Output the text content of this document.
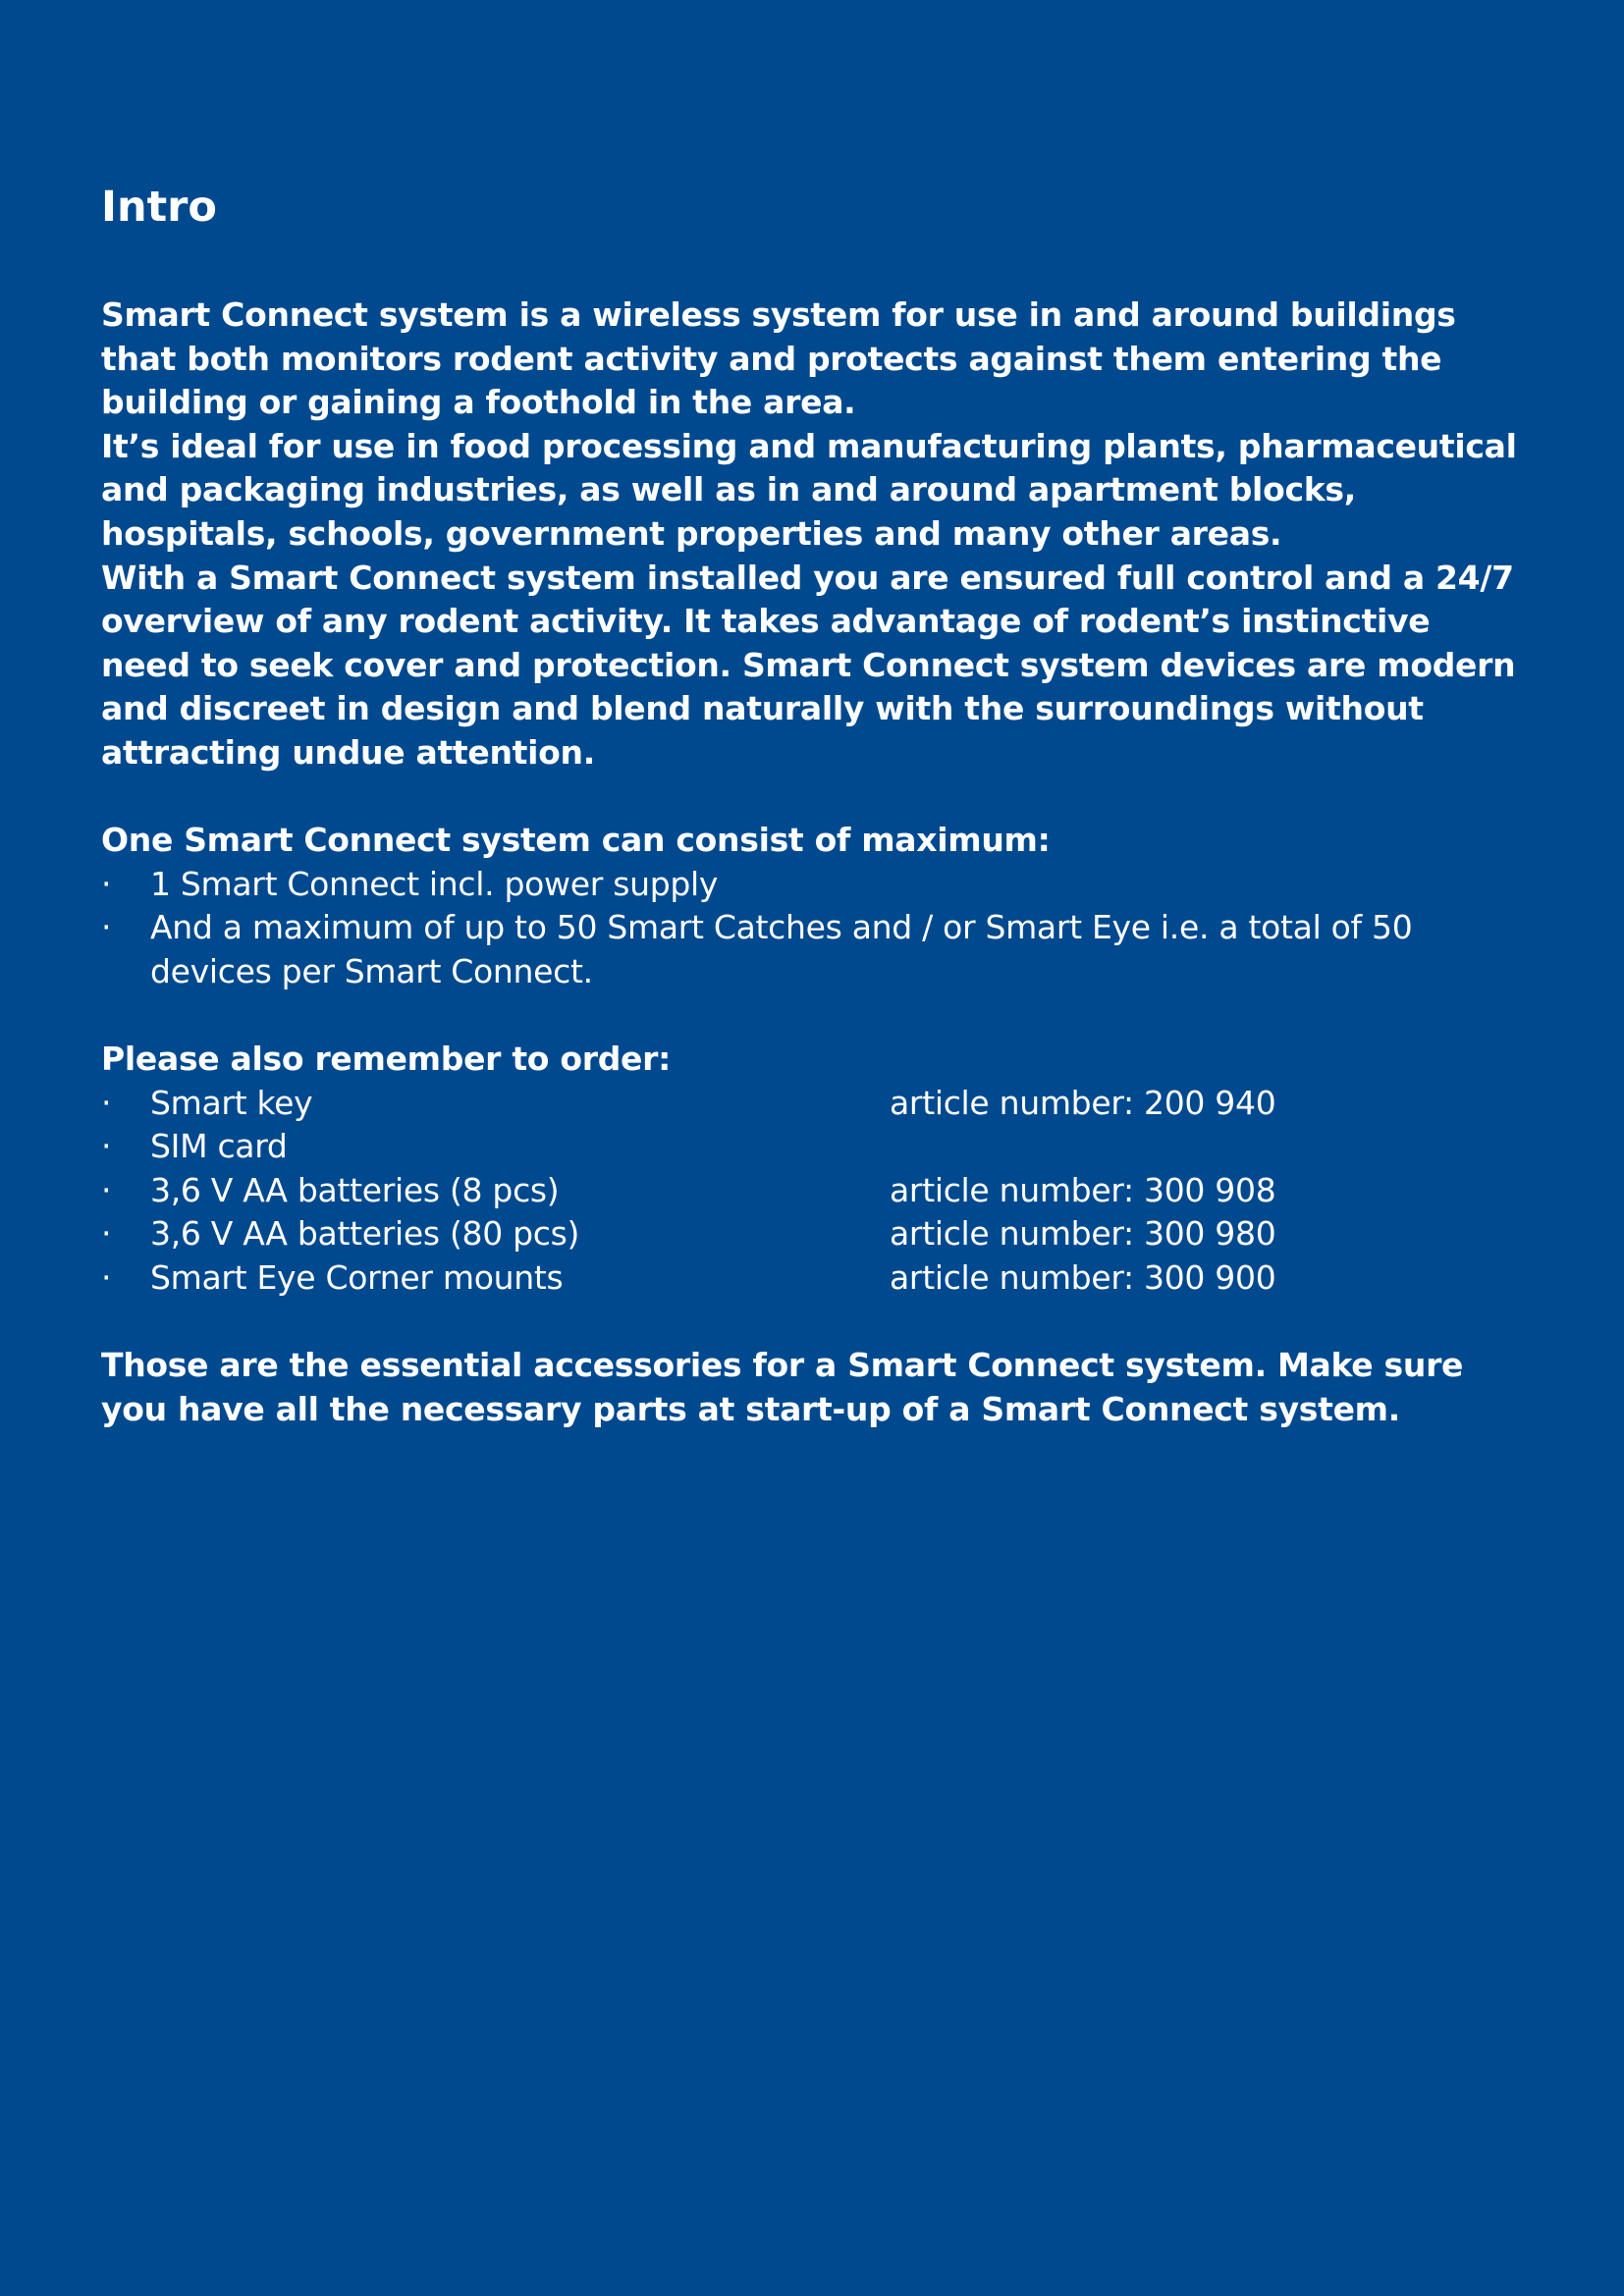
Intro

Smart Connect system is a wireless system for use in and around buildings that both monitors rodent activity and protects against them entering the building or gaining a foothold in the area.

It’s ideal for use in food processing and manufacturing plants, pharmaceutical and packaging industries, as well as in and around apartment blocks, hospitals, schools, government properties and many other areas.

With a Smart Connect system installed you are ensured full control and a 24/7 overview of any rodent activity. It takes advantage of rodent’s instinctive need to seek cover and protection. Smart Connect system devices are modern and discreet in design and blend naturally with the surroundings without attracting undue attention.

One Smart Connect system can consist of maximum:

· 1 Smart Connect incl. power supply
· And a maximum of up to 50 Smart Catches and / or Smart Eye i.e. a total of 50 devices per Smart Connect.

Please also remember to order:

· Smart key	article number: 200 940
· SIM card
· 3,6 V AA batteries (8 pcs)	article number: 300 908
· 3,6 V AA batteries (80 pcs)	article number: 300 980
· Smart Eye Corner mounts	article number: 300 900

Those are the essential accessories for a Smart Connect system. Make sure you have all the necessary parts at start-up of a Smart Connect system.
